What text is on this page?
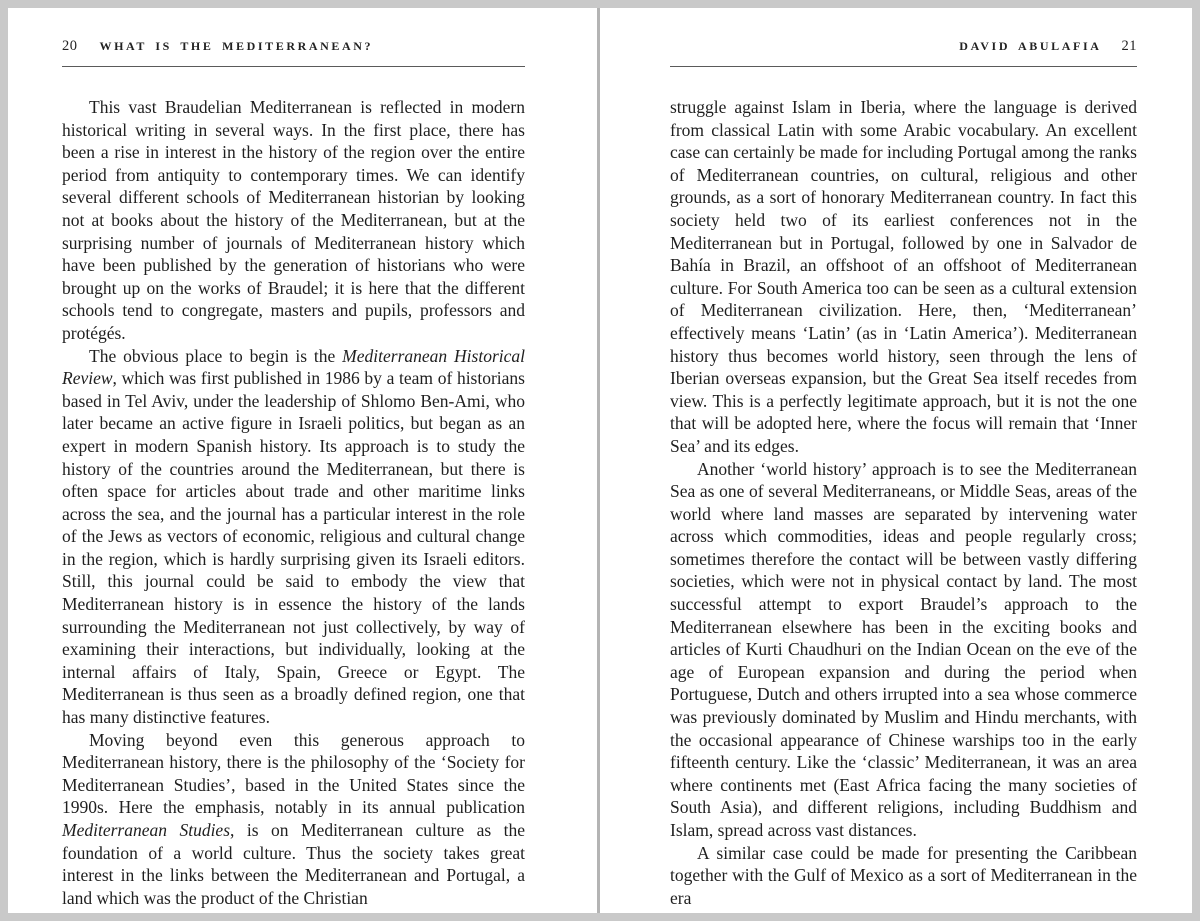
20 WHAT IS THE MEDITERRANEAN?

This vast Braudelian Mediterranean is reflected in modern historical writing in several ways. In the first place, there has been a rise in interest in the history of the region over the entire period from antiquity to contemporary times. We can identify several different schools of Mediterranean historian by looking not at books about the history of the Mediterranean, but at the surprising number of journals of Mediterranean history which have been published by the generation of historians who were brought up on the works of Braudel; it is here that the different schools tend to congregate, masters and pupils, professors and protégés.

The obvious place to begin is the Mediterranean Historical Review, which was first published in 1986 by a team of historians based in Tel Aviv, under the leadership of Shlomo Ben-Ami, who later became an active figure in Israeli politics, but began as an expert in modern Spanish history. Its approach is to study the history of the countries around the Mediterranean, but there is often space for articles about trade and other maritime links across the sea, and the journal has a particular interest in the role of the Jews as vectors of economic, religious and cultural change in the region, which is hardly surprising given its Israeli editors. Still, this journal could be said to embody the view that Mediterranean history is in essence the history of the lands surrounding the Mediterranean not just collectively, by way of examining their interactions, but individually, looking at the internal affairs of Italy, Spain, Greece or Egypt. The Mediterranean is thus seen as a broadly defined region, one that has many distinctive features.

Moving beyond even this generous approach to Mediterranean history, there is the philosophy of the ‘Society for Mediterranean Studies’, based in the United States since the 1990s. Here the emphasis, notably in its annual publication Mediterranean Studies, is on Mediterranean culture as the foundation of a world culture. Thus the society takes great interest in the links between the Mediterranean and Portugal, a land which was the product of the Christian

DAVID ABULAFIA 21

struggle against Islam in Iberia, where the language is derived from classical Latin with some Arabic vocabulary. An excellent case can certainly be made for including Portugal among the ranks of Mediterranean countries, on cultural, religious and other grounds, as a sort of honorary Mediterranean country. In fact this society held two of its earliest conferences not in the Mediterranean but in Portugal, followed by one in Salvador de Bahía in Brazil, an offshoot of an offshoot of Mediterranean culture. For South America too can be seen as a cultural extension of Mediterranean civilization. Here, then, ‘Mediterranean’ effectively means ‘Latin’ (as in ‘Latin America’). Mediterranean history thus becomes world history, seen through the lens of Iberian overseas expansion, but the Great Sea itself recedes from view. This is a perfectly legitimate approach, but it is not the one that will be adopted here, where the focus will remain that ‘Inner Sea’ and its edges.

Another ‘world history’ approach is to see the Mediterranean Sea as one of several Mediterraneans, or Middle Seas, areas of the world where land masses are separated by intervening water across which commodities, ideas and people regularly cross; sometimes therefore the contact will be between vastly differing societies, which were not in physical contact by land. The most successful attempt to export Braudel’s approach to the Mediterranean elsewhere has been in the exciting books and articles of Kurti Chaudhuri on the Indian Ocean on the eve of the age of European expansion and during the period when Portuguese, Dutch and others irrupted into a sea whose commerce was previously dominated by Muslim and Hindu merchants, with the occasional appearance of Chinese warships too in the early fifteenth century. Like the ‘classic’ Mediterranean, it was an area where continents met (East Africa facing the many societies of South Asia), and different religions, including Buddhism and Islam, spread across vast distances.

A similar case could be made for presenting the Caribbean together with the Gulf of Mexico as a sort of Mediterranean in the era
